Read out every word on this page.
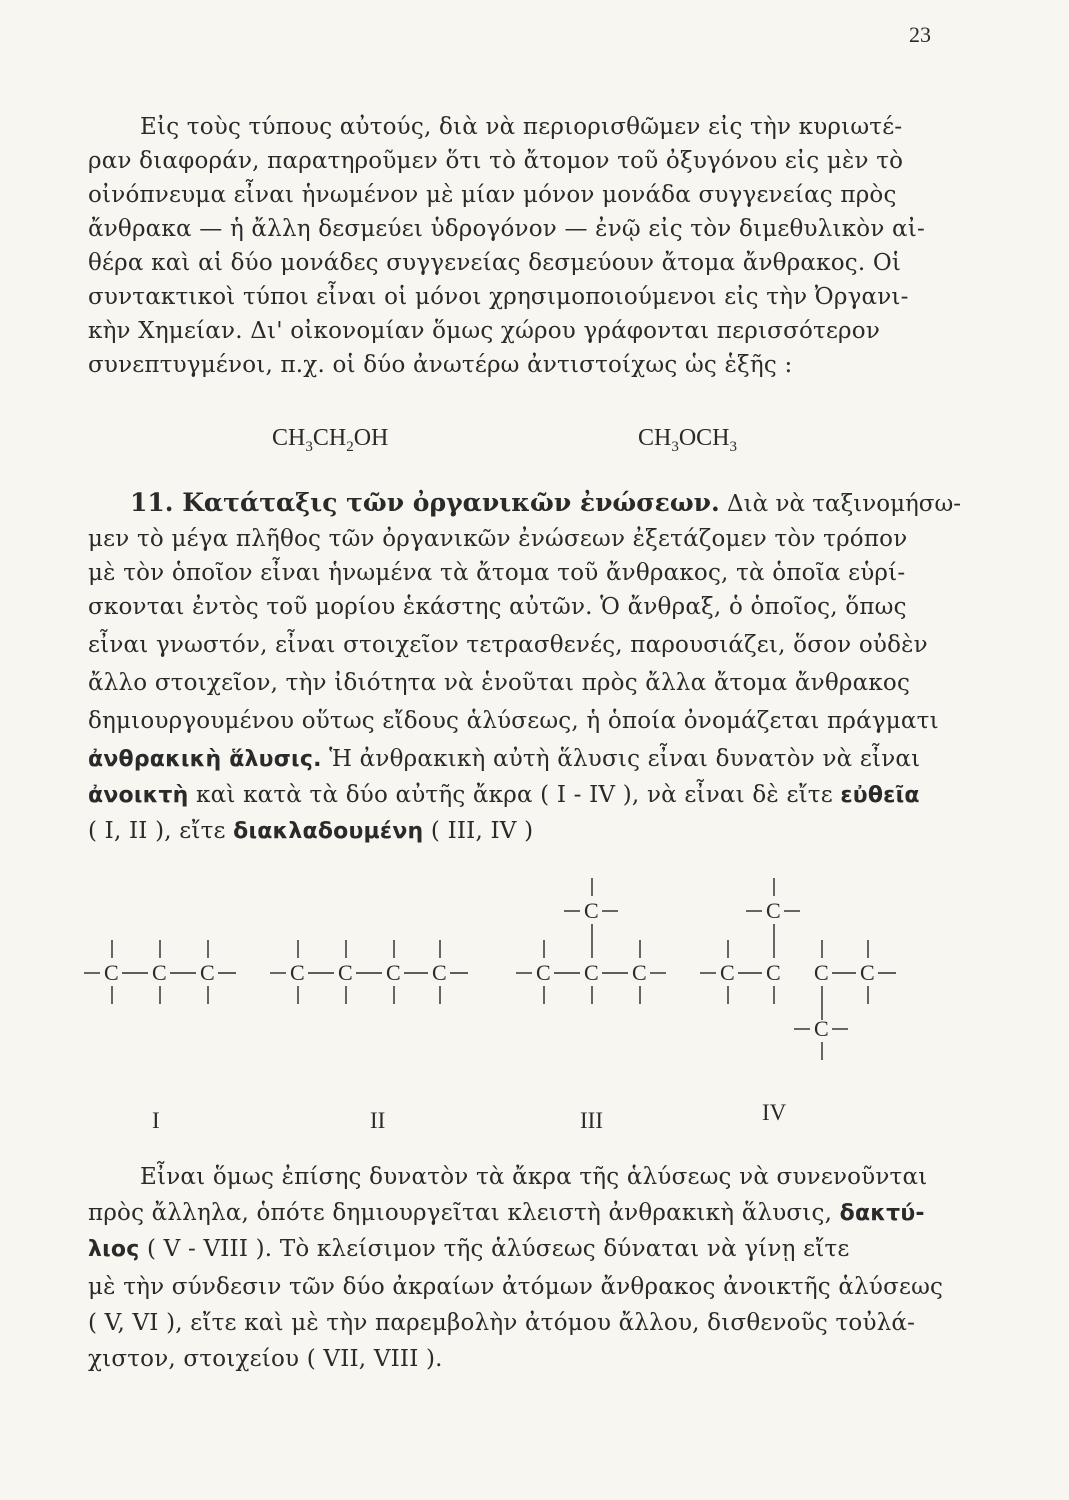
23
Εἰς τοὺς τύπους αὐτούς, διὰ νὰ περιορισθῶμεν εἰς τὴν κυριωτέ-
ραν διαφοράν, παρατηροῦμεν ὅτι τὸ ἄτομον τοῦ ὀξυγόνου εἰς μὲν τὸ
οἰνόπνευμα εἶναι ἡνωμένον μὲ μίαν μόνον μονάδα συγγενείας πρὸς
ἄνθρακα — ἡ ἄλλη δεσμεύει ὑδρογόνον — ἐνῷ εἰς τὸν διμεθυλικὸν αἰ-
θέρα καὶ αἱ δύο μονάδες συγγενείας δεσμεύουν ἄτομα ἄνθρακος. Οἱ
συντακτικοὶ τύποι εἶναι οἱ μόνοι χρησιμοποιούμενοι εἰς τὴν Ὀργανι-
κὴν Χημείαν. Δι' οἰκονομίαν ὅμως χώρου γράφονται περισσότερον
συνεπτυγμένοι, π.χ. οἱ δύο ἀνωτέρω ἀντιστοίχως ὡς ἑξῆς :
$CH_3CH_2OH$	$CH_3OCH_3$
11. Κατάταξις τῶν ὀργανικῶν ἐνώσεων. Διὰ νὰ ταξινομήσω-
μεν τὸ μέγα πλῆθος τῶν ὀργανικῶν ἐνώσεων ἐξετάζομεν τὸν τρόπον
μὲ τὸν ὁποῖον εἶναι ἡνωμένα τὰ ἄτομα τοῦ ἄνθρακος, τὰ ὁποῖα εὑρί-
σκονται ἐντὸς τοῦ μορίου ἑκάστης αὐτῶν. Ὁ ἄνθραξ, ὁ ὁποῖος, ὅπως
εἶναι γνωστόν, εἶναι στοιχεῖον τετρασθενές, παρουσιάζει, ὅσον οὐδὲν
ἄλλο στοιχεῖον, τὴν ἰδιότητα νὰ ἑνοῦται πρὸς ἄλλα ἄτομα ἄνθρακος
δημιουργουμένου οὕτως εἴδους ἁλύσεως, ἡ ὁποία ὀνομάζεται πράγματι
ἀνθρακικὴ ἅλυσις. Ἡ ἀνθρακικὴ αὐτὴ ἅλυσις εἶναι δυνατὸν νὰ εἶναι
ἀνοικτὴ καὶ κατὰ τὰ δύο αὐτῆς ἄκρα ( I - IV ), νὰ εἶναι δὲ εἴτε εὐθεῖα
( I, II ), εἴτε διακλαδουμένη ( III, IV )
C C C	C C C C
C
C C C
C
C C C C
C
I	II	III	IV
Εἶναι ὅμως ἐπίσης δυνατὸν τὰ ἄκρα τῆς ἁλύσεως νὰ συνενοῦνται
πρὸς ἄλληλα, ὁπότε δημιουργεῖται κλειστὴ ἀνθρακικὴ ἅλυσις, δακτύ-
λιος ( V - VIII ). Τὸ κλείσιμον τῆς ἁλύσεως δύναται νὰ γίνῃ εἴτε
μὲ τὴν σύνδεσιν τῶν δύο ἀκραίων ἀτόμων ἄνθρακος ἀνοικτῆς ἁλύσεως
( V, VI ), εἴτε καὶ μὲ τὴν παρεμβολὴν ἀτόμου ἄλλου, δισθενοῦς τοὐλά-
χιστον, στοιχείου ( VII, VIII ).
